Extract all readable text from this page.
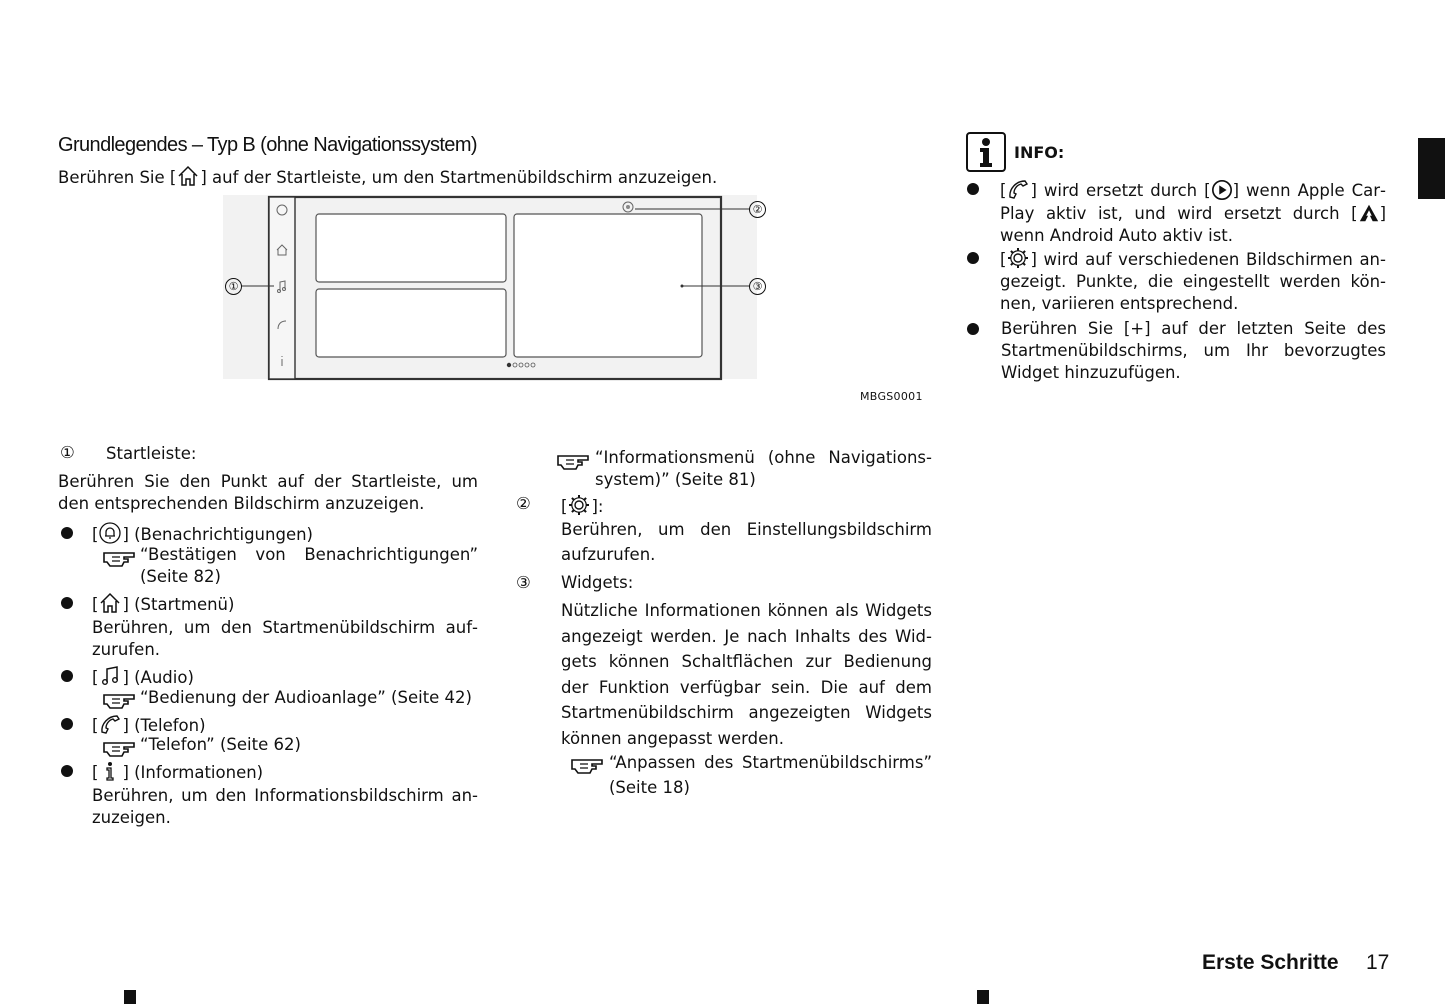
Grundlegendes – Typ B (ohne Navigationssystem)
Berühren Sie [ ] auf der Startleiste, um den Startmenübildschirm anzuzeigen.
①
②
③
MBGS0001
① Startleiste:
Berühren Sie den Punkt auf der Startleiste, um den entsprechenden Bildschirm anzuzeigen.
[ ] (Benachrichtigungen)
“Bestätigen von Benachrichtigungen” (Seite 82)
[ ] (Startmenü)
Berühren, um den Startmenübildschirm aufzurufen.
[ ] (Audio)
“Bedienung der Audioanlage” (Seite 42)
[ ] (Telefon)
“Telefon” (Seite 62)
[ ] (Informationen)
Berühren, um den Informationsbildschirm anzuzeigen.
“Informationsmenü (ohne Navigationssystem)” (Seite 81)
② [ ]:
Berühren, um den Einstellungsbildschirm aufzurufen.
③ Widgets:
Nützliche Informationen können als Widgets angezeigt werden. Je nach Inhalts des Widgets können Schaltflächen zur Bedienung der Funktion verfügbar sein. Die auf dem Startmenübildschirm angezeigten Widgets können angepasst werden.
“Anpassen des Startmenübildschirms” (Seite 18)
INFO:
[ ] wird ersetzt durch [ ] wenn Apple CarPlay aktiv ist, und wird ersetzt durch [ ] wenn Android Auto aktiv ist.
[ ] wird auf verschiedenen Bildschirmen angezeigt. Punkte, die eingestellt werden können, variieren entsprechend.
Berühren Sie [+] auf der letzten Seite des Startmenübildschirms, um Ihr bevorzugtes Widget hinzuzufügen.
Erste Schritte 17
